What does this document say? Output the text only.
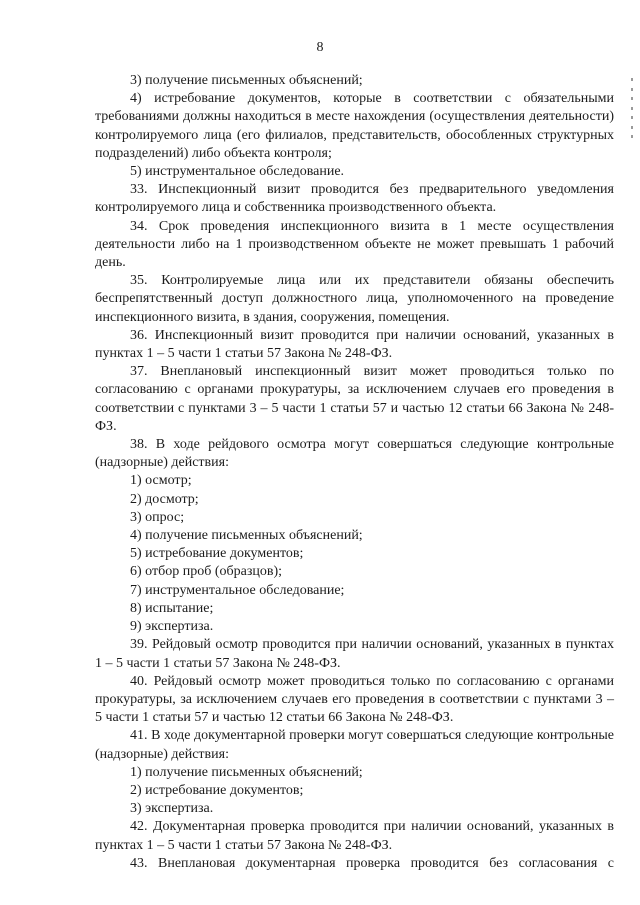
8

3) получение письменных объяснений;

4) истребование документов, которые в соответствии с обязательными требованиями должны находиться в месте нахождения (осуществления деятельности) контролируемого лица (его филиалов, представительств, обособленных структурных подразделений) либо объекта контроля;

5) инструментальное обследование.

33. Инспекционный визит проводится без предварительного уведомления контролируемого лица и собственника производственного объекта.

34. Срок проведения инспекционного визита в 1 месте осуществления деятельности либо на 1 производственном объекте не может превышать 1 рабочий день.

35. Контролируемые лица или их представители обязаны обеспечить беспрепятственный доступ должностного лица, уполномоченного на проведение инспекционного визита, в здания, сооружения, помещения.

36. Инспекционный визит проводится при наличии оснований, указанных в пунктах 1 – 5 части 1 статьи 57 Закона № 248-ФЗ.

37. Внеплановый инспекционный визит может проводиться только по согласованию с органами прокуратуры, за исключением случаев его проведения в соответствии с пунктами 3 – 5 части 1 статьи 57 и частью 12 статьи 66 Закона № 248-ФЗ.

38. В ходе рейдового осмотра могут совершаться следующие контрольные (надзорные) действия:

1) осмотр;

2) досмотр;

3) опрос;

4) получение письменных объяснений;

5) истребование документов;

6) отбор проб (образцов);

7) инструментальное обследование;

8) испытание;

9) экспертиза.

39. Рейдовый осмотр проводится при наличии оснований, указанных в пунктах 1 – 5 части 1 статьи 57 Закона № 248-ФЗ.

40. Рейдовый осмотр может проводиться только по согласованию с органами прокуратуры, за исключением случаев его проведения в соответствии с пунктами 3 – 5 части 1 статьи 57 и частью 12 статьи 66 Закона № 248-ФЗ.

41. В ходе документарной проверки могут совершаться следующие контрольные (надзорные) действия:

1) получение письменных объяснений;

2) истребование документов;

3) экспертиза.

42. Документарная проверка проводится при наличии оснований, указанных в пунктах 1 – 5 части 1 статьи 57 Закона № 248-ФЗ.

43. Внеплановая документарная проверка проводится без согласования с
